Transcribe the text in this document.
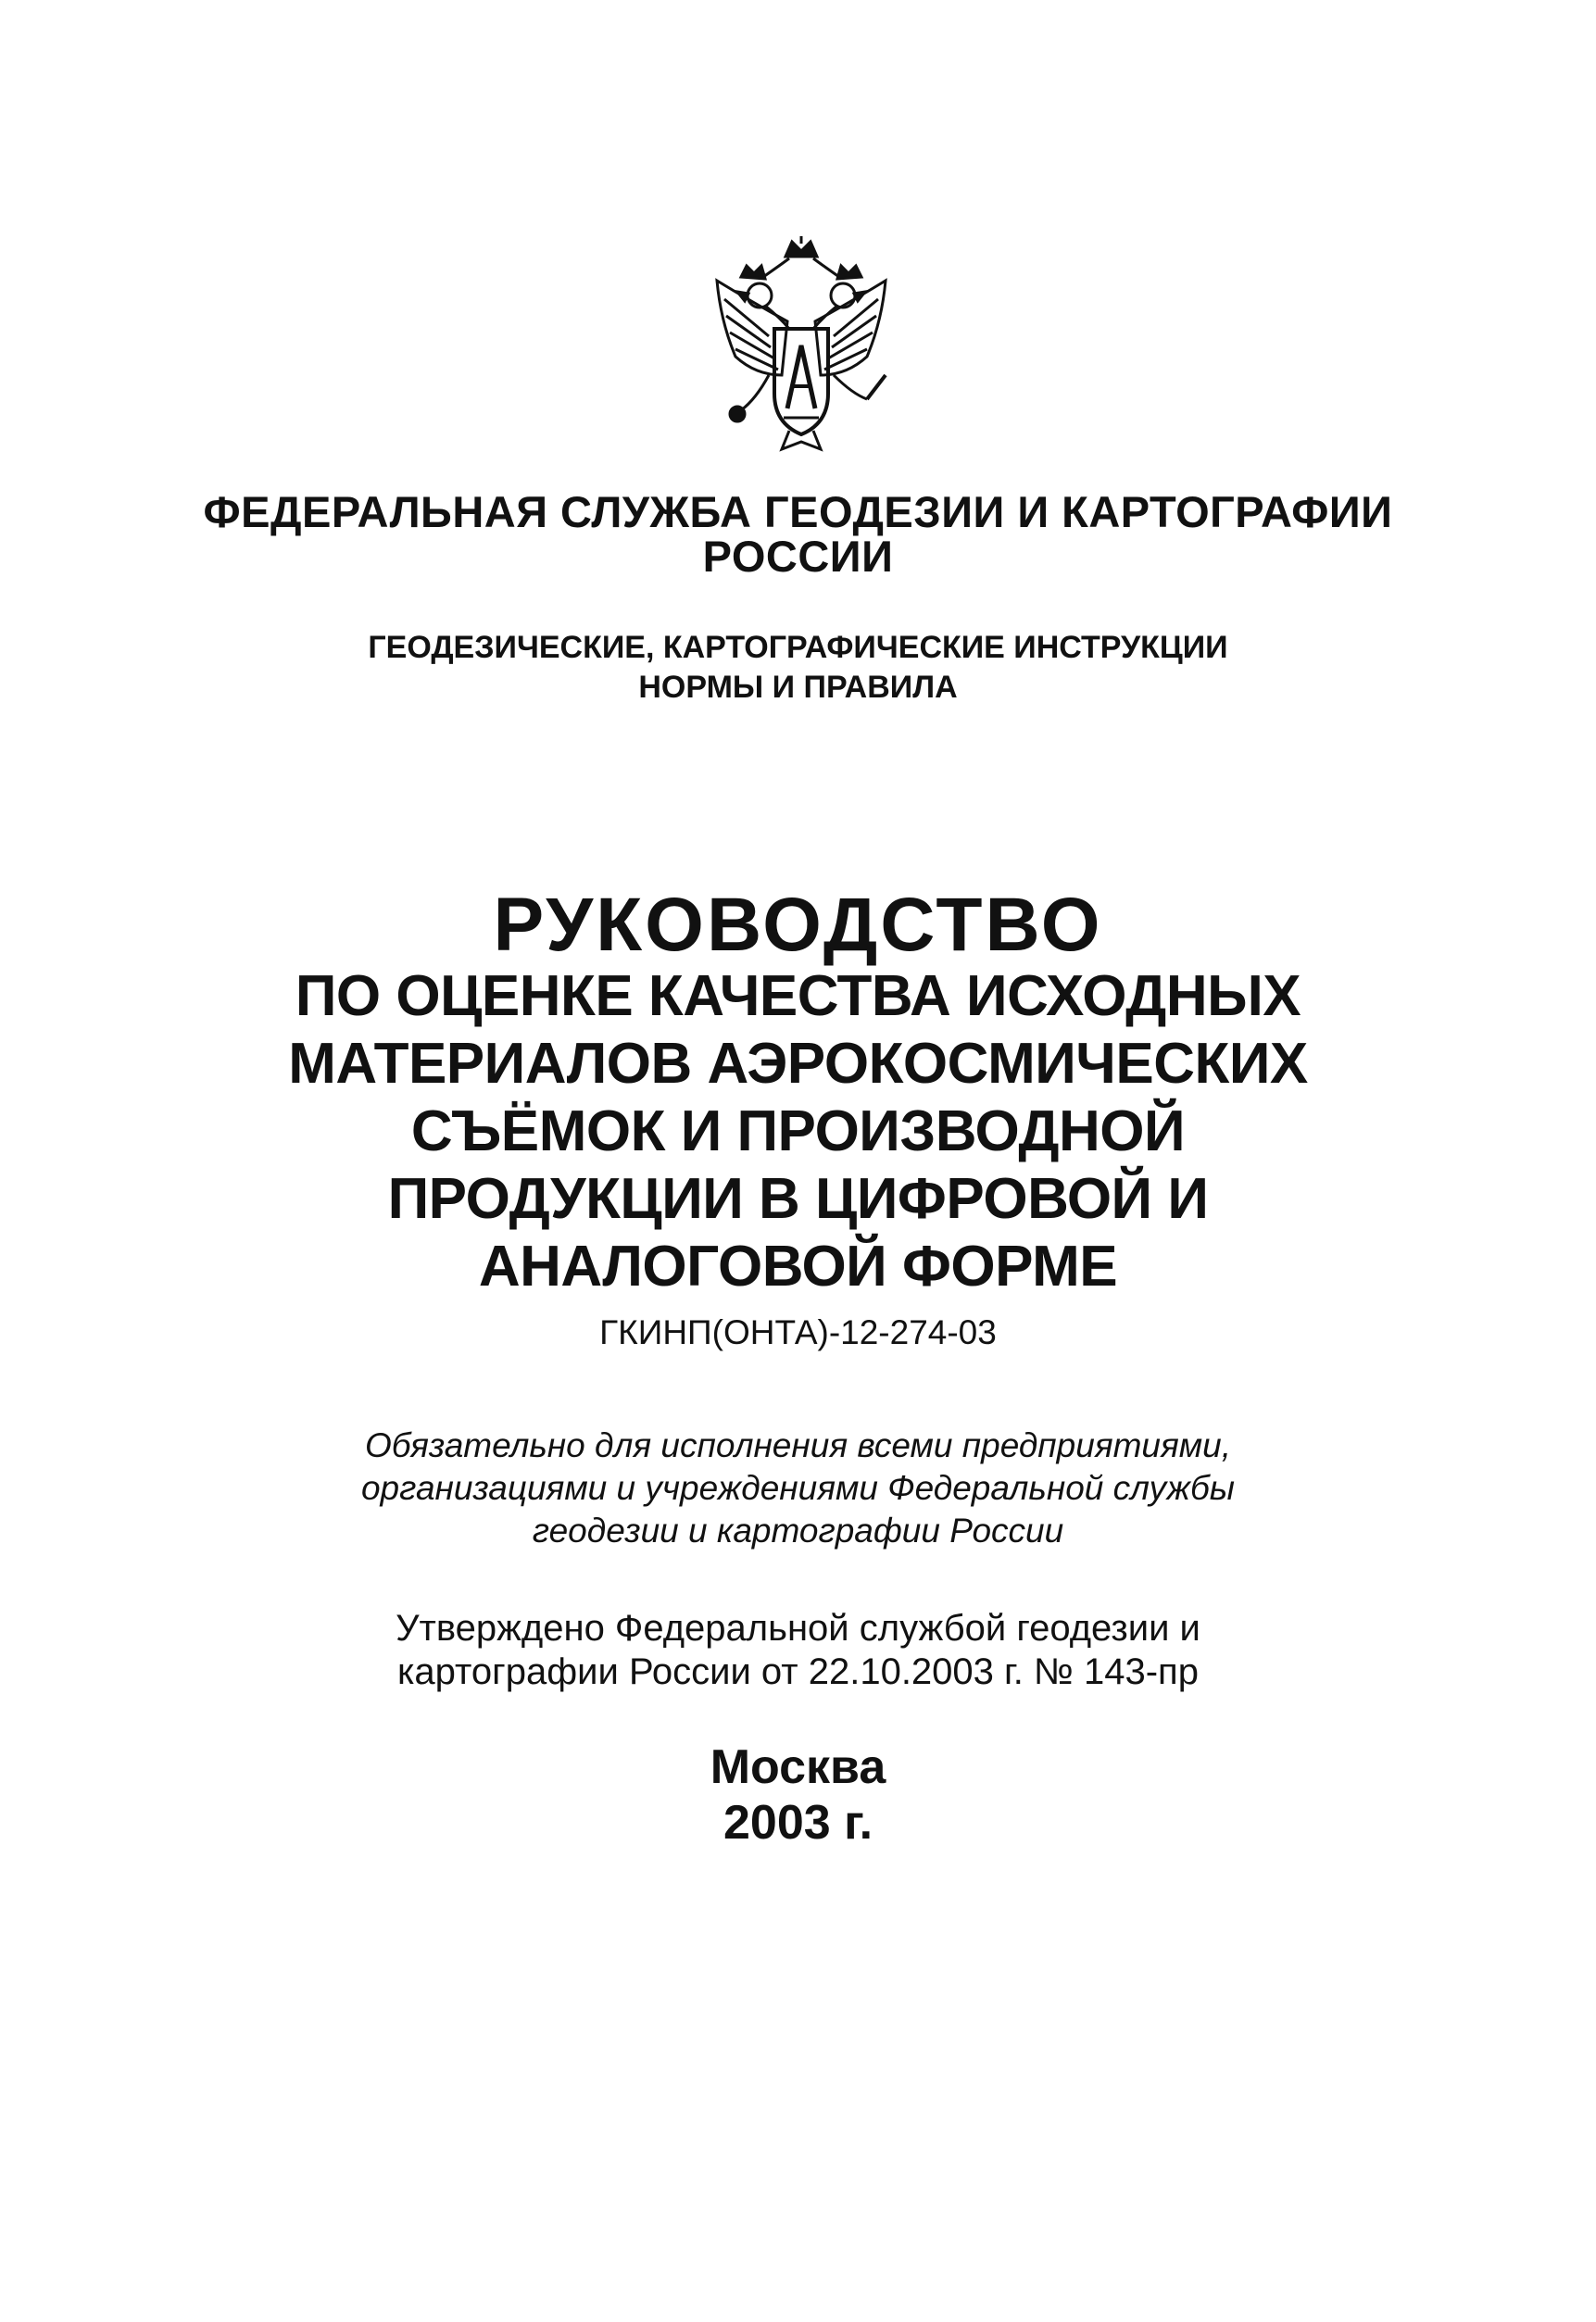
ФЕДЕРАЛЬНАЯ СЛУЖБА ГЕОДЕЗИИ И КАРТОГРАФИИ

РОССИИ

ГЕОДЕЗИЧЕСКИЕ, КАРТОГРАФИЧЕСКИЕ ИНСТРУКЦИИ

НОРМЫ И ПРАВИЛА

РУКОВОДСТВО

ПО ОЦЕНКЕ КАЧЕСТВА ИСХОДНЫХ

МАТЕРИАЛОВ АЭРОКОСМИЧЕСКИХ

СЪЁМОК И ПРОИЗВОДНОЙ

ПРОДУКЦИИ В ЦИФРОВОЙ И

АНАЛОГОВОЙ ФОРМЕ

ГКИНП(ОНТА)-12-274-03

Обязательно для исполнения всеми предприятиями,

организациями и учреждениями Федеральной службы

геодезии и картографии России

Утверждено Федеральной службой геодезии и

картографии России от 22.10.2003 г. № 143-пр

Москва

2003 г.
